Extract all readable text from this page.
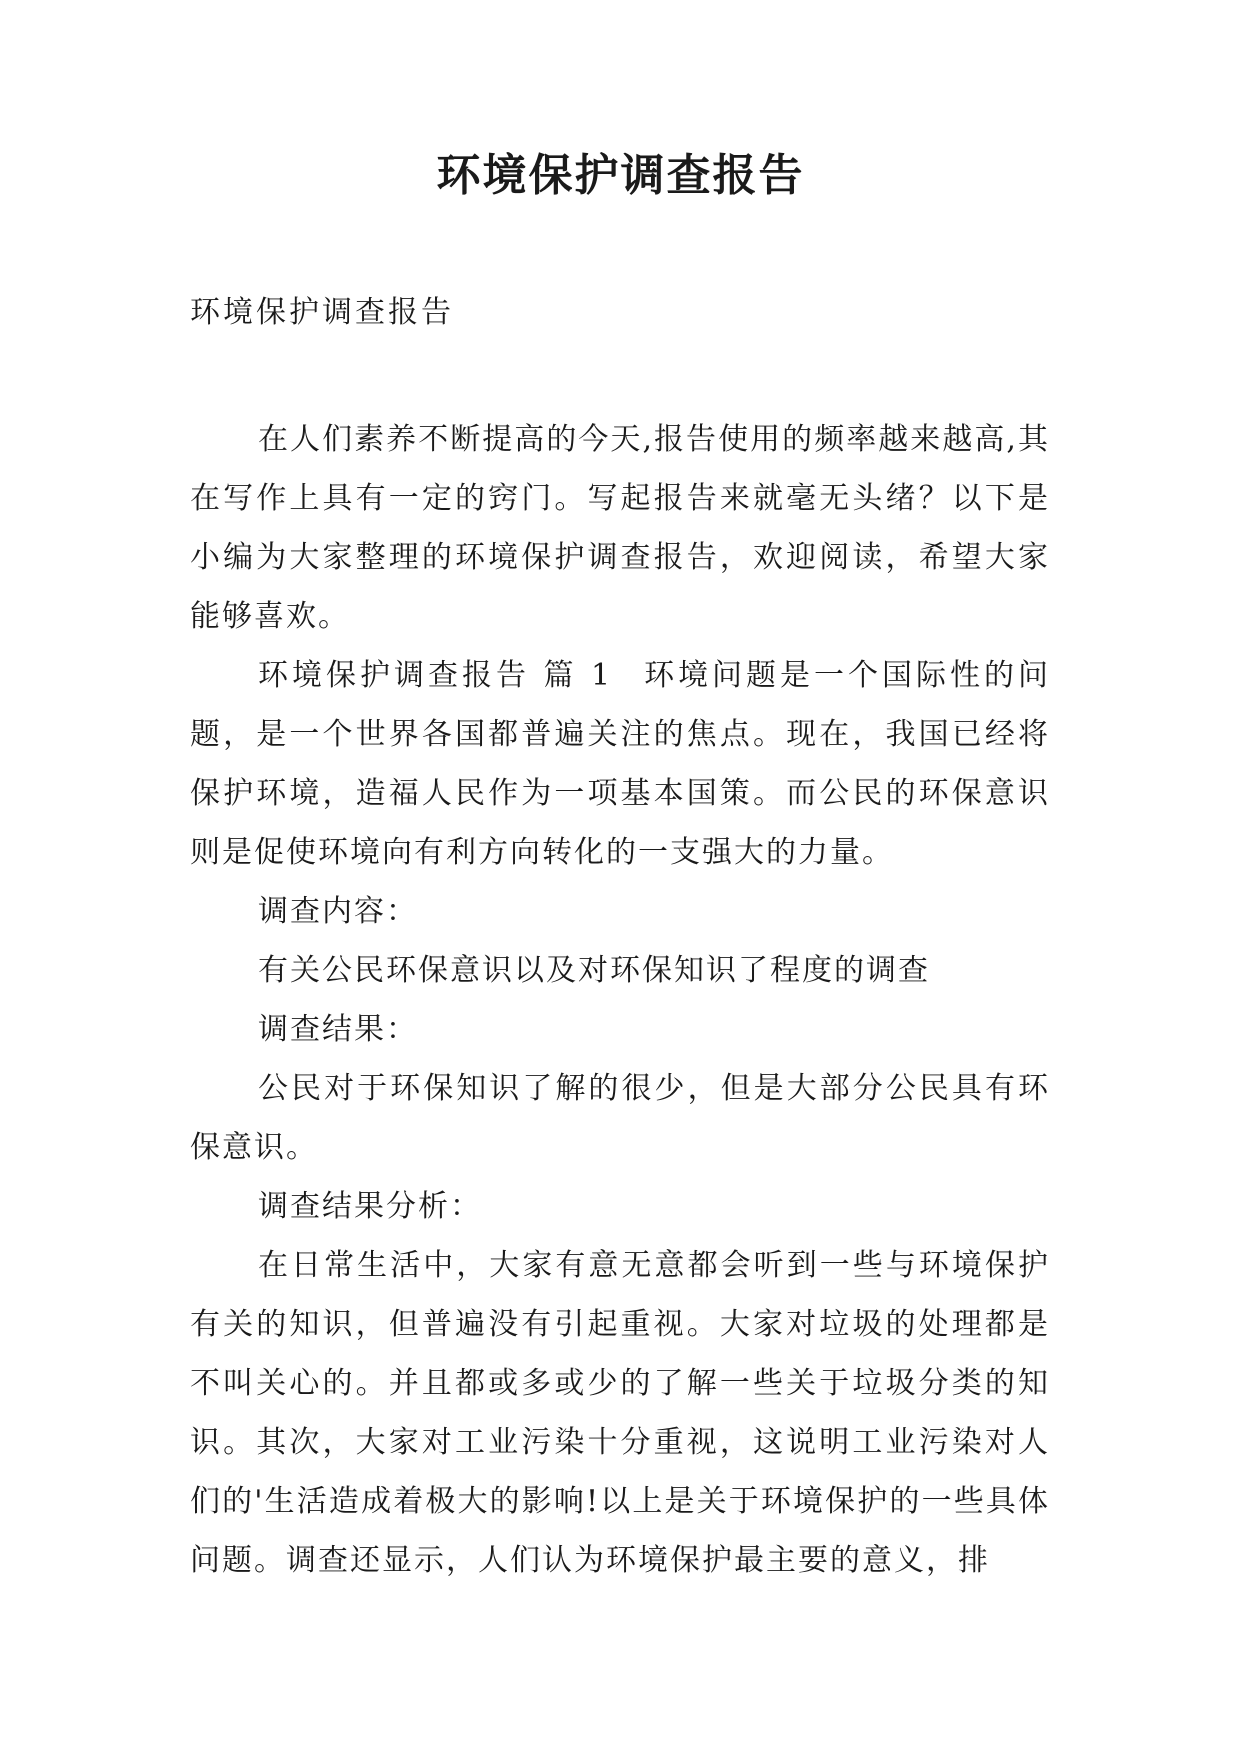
环境保护调查报告
环境保护调查报告

在人们素养不断提高的今天,报告使用的频率越来越高,其在写作上具有一定的窍门。写起报告来就毫无头绪？以下是小编为大家整理的环境保护调查报告，欢迎阅读，希望大家能够喜欢。

环境保护调查报告 篇 1 环境问题是一个国际性的问题，是一个世界各国都普遍关注的焦点。现在，我国已经将保护环境，造福人民作为一项基本国策。而公民的环保意识则是促使环境向有利方向转化的一支强大的力量。

调查内容：

有关公民环保意识以及对环保知识了程度的调查

调查结果：

公民对于环保知识了解的很少，但是大部分公民具有环保意识。

调查结果分析：

在日常生活中，大家有意无意都会听到一些与环境保护有关的知识，但普遍没有引起重视。大家对垃圾的处理都是不叫关心的。并且都或多或少的了解一些关于垃圾分类的知识。其次，大家对工业污染十分重视，这说明工业污染对人们的'生活造成着极大的影响!以上是关于环境保护的一些具体问题。调查还显示，人们认为环境保护最主要的意义，排
